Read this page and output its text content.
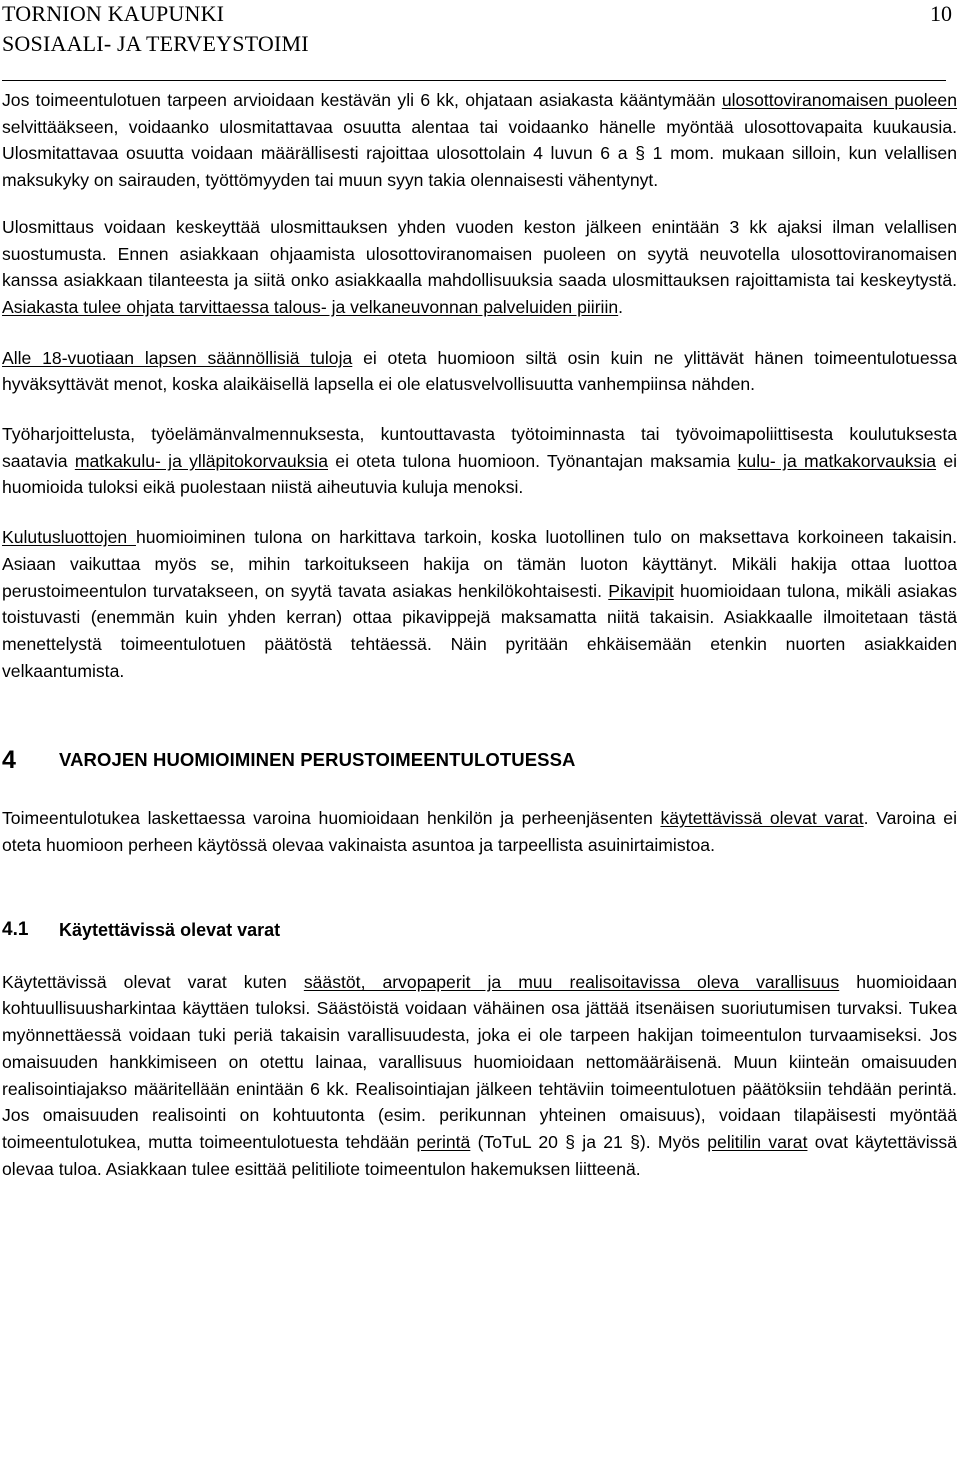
TORNION KAUPUNKI
SOSIAALI- JA TERVEYSTOIMI
10

Jos toimeentulotuen tarpeen arvioidaan kestävän yli 6 kk, ohjataan asiakasta kääntymään ulosottoviranomaisen puoleen selvittääkseen, voidaanko ulosmitattavaa osuutta alentaa tai voidaanko hänelle myöntää ulosottovapaita kuukausia. Ulosmitattavaa osuutta voidaan määrällisesti rajoittaa ulosottolain 4 luvun 6 a § 1 mom. mukaan silloin, kun velallisen maksukyky on sairauden, työttömyyden tai muun syyn takia olennaisesti vähentynyt.

Ulosmittaus voidaan keskeyttää ulosmittauksen yhden vuoden keston jälkeen enintään 3 kk ajaksi ilman velallisen suostumusta. Ennen asiakkaan ohjaamista ulosottoviranomaisen puoleen on syytä neuvotella ulosottoviranomaisen kanssa asiakkaan tilanteesta ja siitä onko asiakkaalla mahdollisuuksia saada ulosmittauksen rajoittamista tai keskeytystä. Asiakasta tulee ohjata tarvittaessa talous- ja velkaneuvonnan palveluiden piiriin.

Alle 18-vuotiaan lapsen säännöllisiä tuloja ei oteta huomioon siltä osin kuin ne ylittävät hänen toimeentulotuessa hyväksyttävät menot, koska alaikäisellä lapsella ei ole elatusvelvollisuutta vanhempiinsa nähden.

Työharjoittelusta, työelämänvalmennuksesta, kuntouttavasta työtoiminnasta tai työvoimapoliittisesta koulutuksesta saatavia matkakulu- ja ylläpitokorvauksia ei oteta tulona huomioon. Työnantajan maksamia kulu- ja matkakorvauksia ei huomioida tuloksi eikä puolestaan niistä aiheutuvia kuluja menoksi.

Kulutusluottojen huomioiminen tulona on harkittava tarkoin, koska luotollinen tulo on maksettava korkoineen takaisin. Asiaan vaikuttaa myös se, mihin tarkoitukseen hakija on tämän luoton käyttänyt. Mikäli hakija ottaa luottoa perustoimeentulon turvatakseen, on syytä tavata asiakas henkilökohtaisesti. Pikavipit huomioidaan tulona, mikäli asiakas toistuvasti (enemmän kuin yhden kerran) ottaa pikavippejä maksamatta niitä takaisin. Asiakkaalle ilmoitetaan tästä menettelystä toimeentulotuen päätöstä tehtäessä. Näin pyritään ehkäisemään etenkin nuorten asiakkaiden velkaantumista.

4	VAROJEN HUOMIOIMINEN PERUSTOIMEENTULOTUESSA

Toimeentulotukea laskettaessa varoina huomioidaan henkilön ja perheenjäsenten käytettävissä olevat varat. Varoina ei oteta huomioon perheen käytössä olevaa vakinaista asuntoa ja tarpeellista asuinirtaimistoa.

4.1	Käytettävissä olevat varat

Käytettävissä olevat varat kuten säästöt, arvopaperit ja muu realisoitavissa oleva varallisuus huomioidaan kohtuullisuusharkintaa käyttäen tuloksi. Säästöistä voidaan vähäinen osa jättää itsenäisen suoriutumisen turvaksi. Tukea myönnettäessä voidaan tuki periä takaisin varallisuudesta, joka ei ole tarpeen hakijan toimeentulon turvaamiseksi. Jos omaisuuden hankkimiseen on otettu lainaa, varallisuus huomioidaan nettomääräisenä. Muun kiinteän omaisuuden realisointiajakso määritellään enintään 6 kk. Realisointiajan jälkeen tehtäviin toimeentulotuen päätöksiin tehdään perintä. Jos omaisuuden realisointi on kohtuutonta (esim. perikunnan yhteinen omaisuus), voidaan tilapäisesti myöntää toimeentulotukea, mutta toimeentulotuesta tehdään perintä (ToTuL 20 § ja 21 §). Myös pelitilin varat ovat käytettävissä olevaa tuloa. Asiakkaan tulee esittää pelitiliote toimeentulon hakemuksen liitteenä.
